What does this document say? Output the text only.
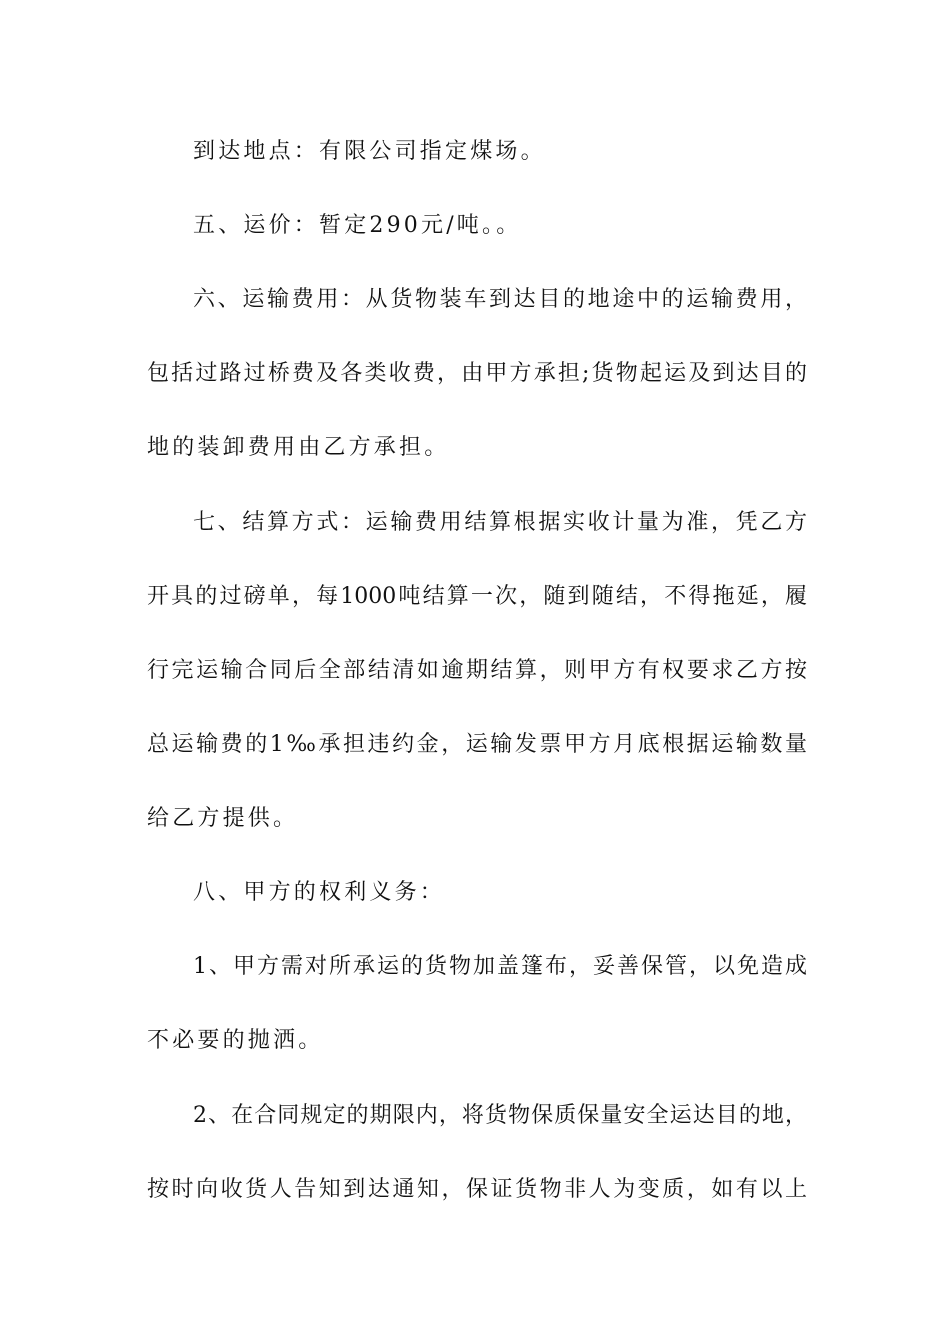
到达地点：有限公司指定煤场。
五、运价：暂定290元/吨。。
六、运输费用：从货物装车到达目的地途中的运输费用，
包括过路过桥费及各类收费，由甲方承担;货物起运及到达目的
地的装卸费用由乙方承担。
七、结算方式：运输费用结算根据实收计量为准，凭乙方
开具的过磅单，每1000吨结算一次，随到随结，不得拖延，履
行完运输合同后全部结清如逾期结算，则甲方有权要求乙方按
总运输费的1‰承担违约金，运输发票甲方月底根据运输数量
给乙方提供。
八、甲方的权利义务：
1、甲方需对所承运的货物加盖篷布，妥善保管，以免造成
不必要的抛洒。
2、在合同规定的期限内，将货物保质保量安全运达目的地，
按时向收货人告知到达通知，保证货物非人为变质，如有以上
